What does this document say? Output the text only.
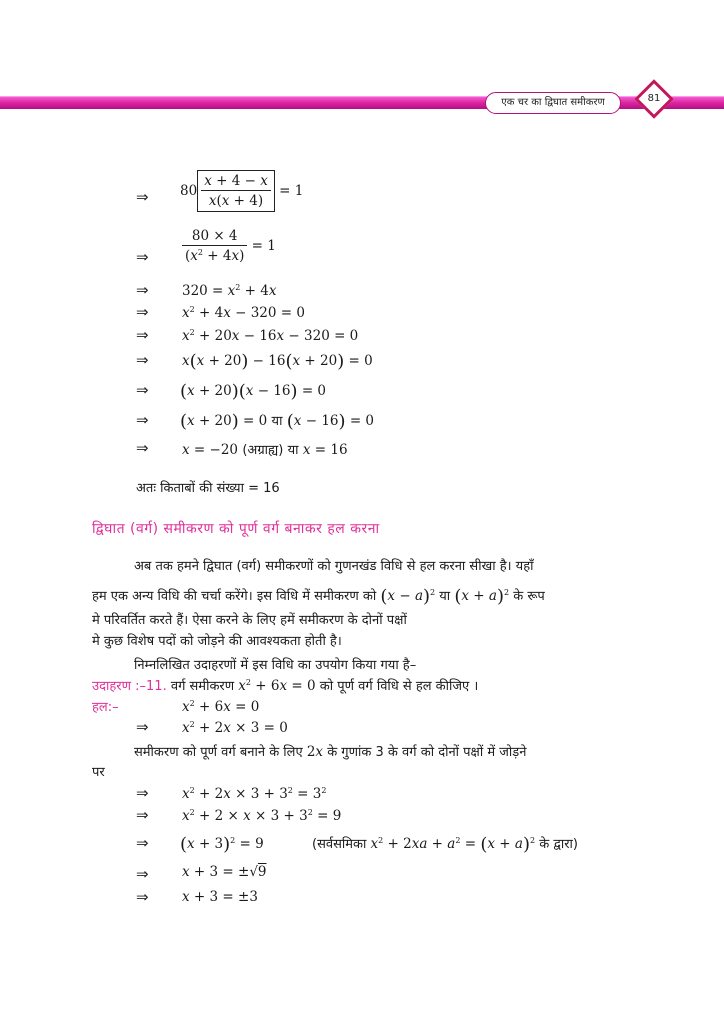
एक चर का द्विघात समीकरण	81
⇒ $80 \frac{x + 4 - x}{x(x + 4)} = 1$
⇒ $\frac{80 \times 4}{(x^2 + 4x)} = 1$
⇒ $320 = x^2 + 4x$
⇒ $x^2 + 4x - 320 = 0$
⇒ $x^2 + 20x - 16x - 320 = 0$
⇒ x(x + 20) − 16(x + 20) = 0
⇒ (x + 20)(x − 16) = 0
⇒ (x + 20) = 0 या (x − 16) = 0
⇒ x = −20 (अग्राह्य) या x = 16
अतः किताबों की संख्या = 16
द्विघात (वर्ग) समीकरण को पूर्ण वर्ग बनाकर हल करना
अब तक हमने द्विघात (वर्ग) समीकरणों को गुणनखंड विधि से हल करना सीखा है। यहाँ
हम एक अन्य विधि की चर्चा करेंगे। इस विधि में समीकरण को $(x - a)^2$ या $(x + a)^2$ के रूप
मे परिवर्तित करते हैं। ऐसा करने के लिए हमें समीकरण के दोनों पक्षों
मे कुछ विशेष पदों को जोड़ने की आवश्यकता होती है।
निम्नलिखित उदाहरणों में इस विधि का उपयोग किया गया है–
उदाहरण :–11. वर्ग समीकरण $x^2 + 6x = 0$ को पूर्ण वर्ग विधि से हल कीजिए ।
हल:–	$x^2 + 6x = 0$
⇒ $x^2 + 2x \times 3 = 0$
समीकरण को पूर्ण वर्ग बनाने के लिए 2x के गुणांक 3 के वर्ग को दोनों पक्षों में जोड़ने
पर
⇒ $x^2 + 2x \times 3 + 3^2 = 3^2$
⇒ $x^2 + 2 \times x \times 3 + 3^2 = 9$
⇒ $(x + 3)^2 = 9$	(सर्वसमिका $x^2 + 2xa + a^2 = (x + a)^2$ के द्वारा)
⇒ x + 3 = ±√9
⇒ x + 3 = ±3
